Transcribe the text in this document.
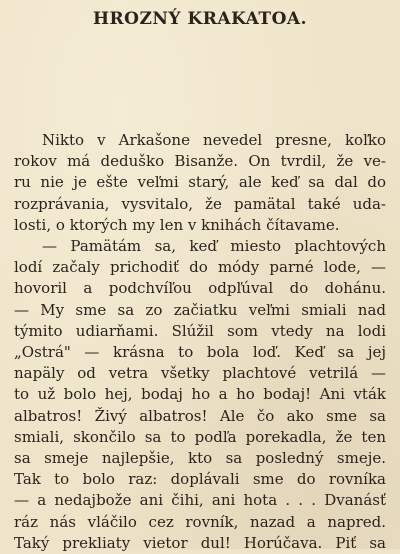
HROZNÝ KRAKATOA.
Nikto v Arkašone nevedel presne, koľko
rokov má deduško Bisanže. On tvrdil, že ve-
ru nie je ešte veľmi starý, ale keď sa dal do
rozprávania, vysvitalo, že pamätal také uda-
losti, o ktorých my len v knihách čítavame.
— Pamätám sa, keď miesto plachtových
lodí začaly prichodiť do módy parné lode, —
hovoril a podchvíľou odpľúval do dohánu.
— My sme sa zo začiatku veľmi smiali nad
týmito udiarňami. Slúžil som vtedy na lodi
„Ostrá" — krásna to bola loď. Keď sa jej
napäly od vetra všetky plachtové vetrilá —
to už bolo hej, bodaj ho a ho bodaj! Ani vták
albatros! Živý albatros! Ale čo ako sme sa
smiali, skončilo sa to podľa porekadla, že ten
sa smeje najlepšie, kto sa posledný smeje.
Tak to bolo raz: doplávali sme do rovníka
— a nedajbože ani čihi, ani hota . . . Dvanásť
ráz nás vláčilo cez rovník, nazad a napred.
Taký prekliaty vietor dul! Horúčava. Piť sa
